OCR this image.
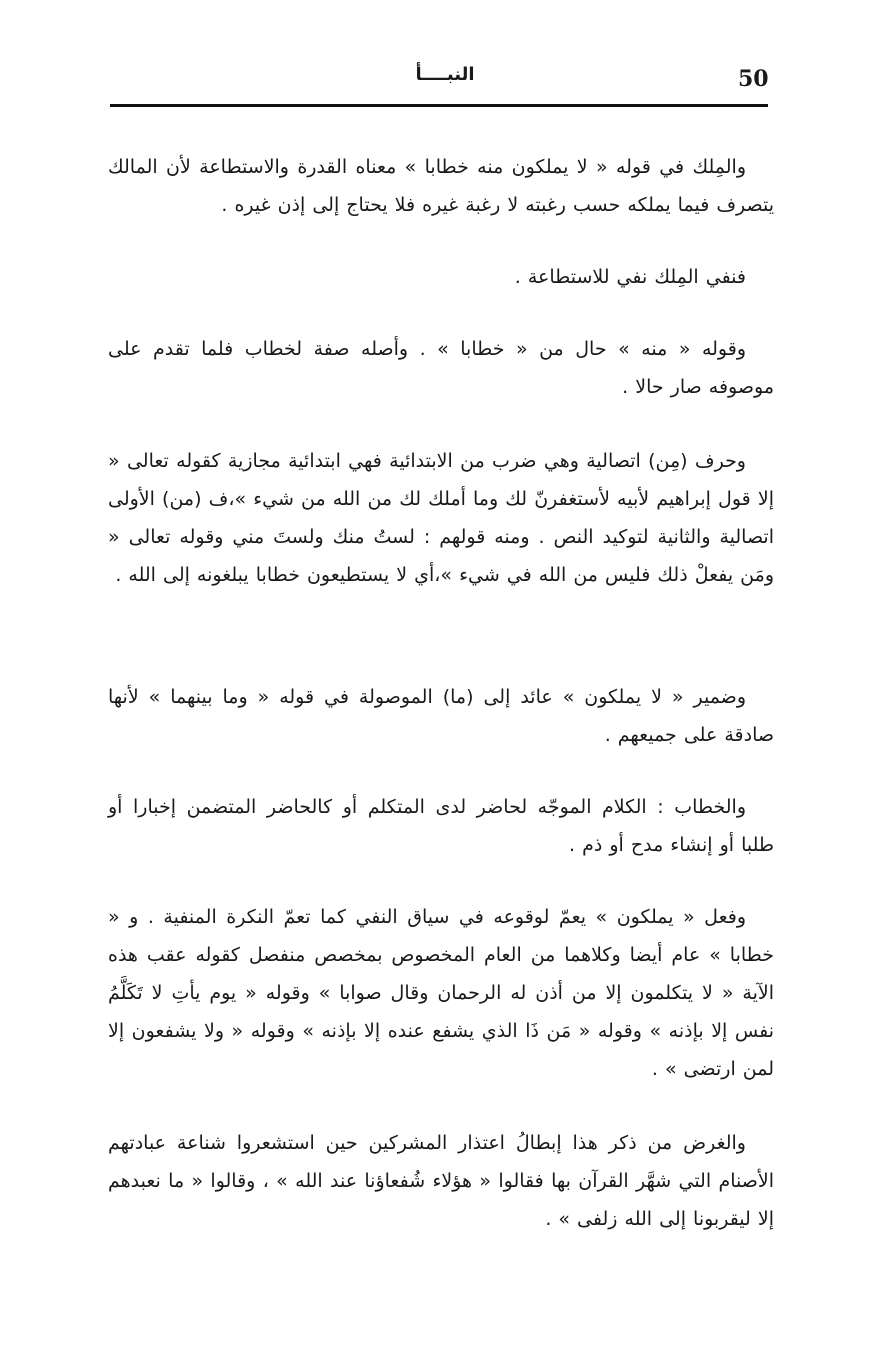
50
النبــــأ

والمِلك في قوله « لا يملكون منه خطابا » معناه القدرة والاستطاعة لأن المالك يتصرف فيما يملكه حسب رغبته لا رغبة غيره فلا يحتاج إلى إذن غيره .

فنفي المِلك نفي للاستطاعة .

وقوله « منه » حال من « خطابا » . وأصله صفة لخطاب فلما تقدم على موصوفه صار حالا .

وحرف (مِن) اتصالية وهي ضرب من الابتدائية فهي ابتدائية مجازية كقوله تعالى « إلا قول إبراهيم لأبيه لأستغفرنّ لك وما أملك لك من الله من شيء »،ف (من) الأولى اتصالية والثانية لتوكيد النص . ومنه قولهم : لستُ منك ولستَ مني وقوله تعالى « ومَن يفعلْ ذلك فليس من الله في شيء »،أي لا يستطيعون خطابا يبلغونه إلى الله .

وضمير « لا يملكون » عائد إلى (ما) الموصولة في قوله « وما بينهما » لأنها صادقة على جميعهم .

والخطاب : الكلام الموجّه لحاضر لدى المتكلم أو كالحاضر المتضمن إخبارا أو طلبا أو إنشاء مدح أو ذم .

وفعل « يملكون » يعمّ لوقوعه في سياق النفي كما تعمّ النكرة المنفية . و « خطابا » عام أيضا وكلاهما من العام المخصوص بمخصص منفصل كقوله عقب هذه الآية « لا يتكلمون إلا من أذن له الرحمان وقال صوابا » وقوله « يوم يأتِ لا تَكَلَّمُ نفس إلا بإذنه » وقوله « مَن ذَا الذي يشفع عنده إلا بإذنه » وقوله « ولا يشفعون إلا لمن ارتضى » .

والغرض من ذكر هذا إبطالُ اعتذار المشركين حين استشعروا شناعة عبادتهم الأصنام التي شهَّر القرآن بها فقالوا « هؤلاء شُفعاؤنا عند الله » ، وقالوا « ما نعبدهم إلا ليقربونا إلى الله زلفى » .
